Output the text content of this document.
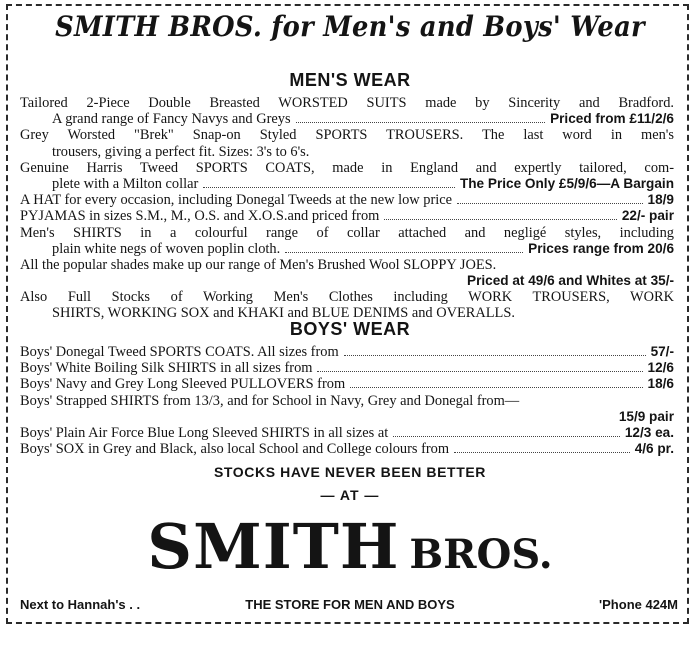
SMITH BROS. for Men's and Boys' Wear
MEN'S WEAR
Tailored 2-Piece Double Breasted WORSTED SUITS made by Sincerity and Bradford.
A grand range of Fancy Navys and Greys	Priced from £11/2/6
Grey Worsted "Brek" Snap-on Styled SPORTS TROUSERS. The last word in men's
trousers, giving a perfect fit. Sizes: 3's to 6's.
Genuine Harris Tweed SPORTS COATS, made in England and expertly tailored, com-
plete with a Milton collar	The Price Only £5/9/6—A Bargain
A HAT for every occasion, including Donegal Tweeds at the new low price	18/9
PYJAMAS in sizes S.M., M., O.S. and X.O.S.and priced from	22/- pair
Men's SHIRTS in a colourful range of collar attached and negligé styles, including
plain white negs of woven poplin cloth.	Prices range from 20/6
All the popular shades make up our range of Men's Brushed Wool SLOPPY JOES.
Priced at 49/6 and Whites at 35/-
Also Full Stocks of Working Men's Clothes including WORK TROUSERS, WORK
SHIRTS, WORKING SOX and KHAKI and BLUE DENIMS and OVERALLS.
BOYS' WEAR
Boys' Donegal Tweed SPORTS COATS. All sizes from	57/-
Boys' White Boiling Silk SHIRTS in all sizes from	12/6
Boys' Navy and Grey Long Sleeved PULLOVERS from	18/6
Boys' Strapped SHIRTS from 13/3, and for School in Navy, Grey and Donegal from—
15/9 pair
Boys' Plain Air Force Blue Long Sleeved SHIRTS in all sizes at	12/3 ea.
Boys' SOX in Grey and Black, also local School and College colours from	4/6 pr.
STOCKS HAVE NEVER BEEN BETTER
— AT —
SMITH BROS.
Next to Hannah's . .	THE STORE FOR MEN AND BOYS	'Phone 424M
